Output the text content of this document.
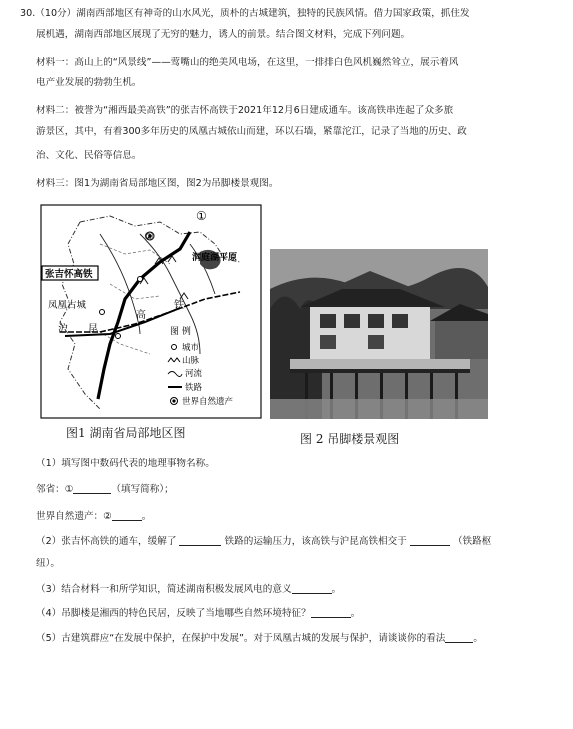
30.（10分）湖南西部地区有神奇的山水风光，质朴的古城建筑，独特的民族风情。借力国家政策，抓住发
展机遇，湖南西部地区展现了无穷的魅力，诱人的前景。结合图文材料，完成下列问题。
材料一：高山上的“风景线”——莺嘴山的绝美风电场，在这里，一排排白色风机巍然耸立，展示着风
电产业发展的勃勃生机。
材料二：被誉为“湘西最美高铁”的张吉怀高铁于2021年12月6日建成通车。该高铁串连起了众多旅
游景区，其中，有着300多年历史的凤凰古城依山而建，环以石墙，紧靠沱江，记录了当地的历史、政
治、文化、民俗等信息。
材料三：图1为湖南省局部地区图，图2为吊脚楼景观图。
①
②
洞庭湖平原
张吉怀高铁
凤凰古城
沪 昆
高
铁
图 例
城市
山脉
河流
铁路
世界自然遗产
图1 湖南省局部地区图	图 2 吊脚楼景观图
（1）填写图中数码代表的地理事物名称。
邻省：①	（填写简称）；
世界自然遗产：②	。
（2）张吉怀高铁的通车，缓解了	铁路的运输压力，该高铁与沪昆高铁相交于	（铁路枢
纽）。
（3）结合材料一和所学知识，简述湖南积极发展风电的意义	。
（4）吊脚楼是湘西的特色民居，反映了当地哪些自然环境特征？	。
（5）古建筑群应“在发展中保护，在保护中发展”。对于凤凰古城的发展与保护，请谈谈你的看法	。
